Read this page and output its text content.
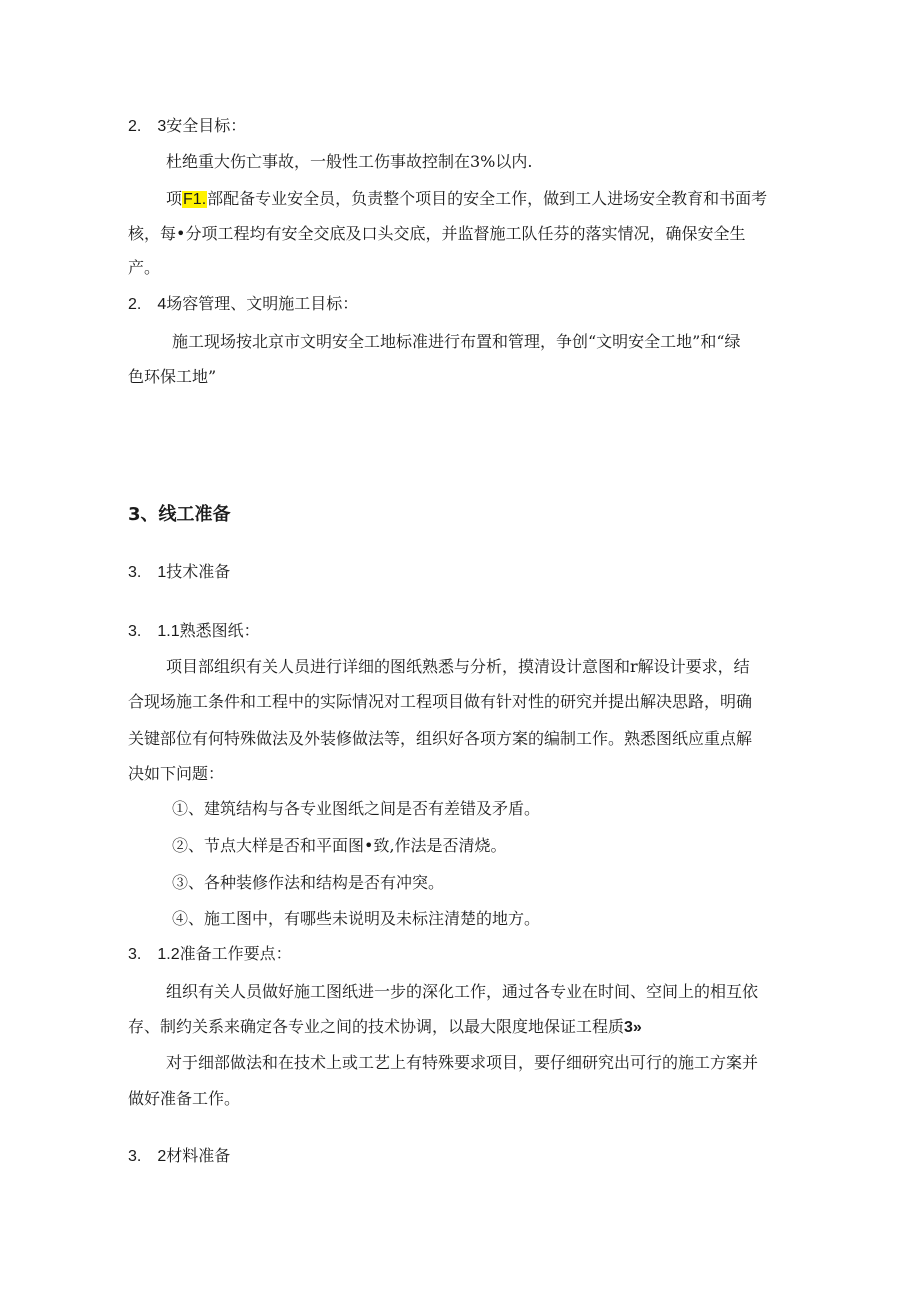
2.　3安全目标：
杜绝重大伤亡事故，一般性工伤事故控制在3%以内.
项F1.部配备专业安全员，负责整个项目的安全工作，做到工人进场安全教育和书面考
核，每•分项工程均有安全交底及口头交底，并监督施工队任芬的落实情况，确保安全生
产。
2.　4场容管理、文明施工目标：
施工现场按北京市文明安全工地标准进行布置和管理，争创“文明安全工地”和“绿
色环保工地”
3、线工准备
3.　1技术准备
3.　1.1熟悉图纸：
项目部组织有关人员进行详细的图纸熟悉与分析，摸清设计意图和r解设计要求，结
合现场施工条件和工程中的实际情况对工程项目做有针对性的研究并提出解决思路，明确
关键部位有何特殊做法及外装修做法等，组织好各项方案的编制工作。熟悉图纸应重点解
决如下问题：
①、建筑结构与各专业图纸之间是否有差错及矛盾。
②、节点大样是否和平面图•致,作法是否清烧。
③、各种装修作法和结构是否有冲突。
④、施工图中，有哪些未说明及未标注清楚的地方。
3.　1.2准备工作要点：
组织有关人员做好施工图纸进一步的深化工作，通过各专业在时间、空间上的相互依
存、制约关系来确定各专业之间的技术协调，以最大限度地保证工程质3»
对于细部做法和在技术上或工艺上有特殊要求项目，要仔细研究出可行的施工方案并
做好准备工作。
3.　2材料准备
